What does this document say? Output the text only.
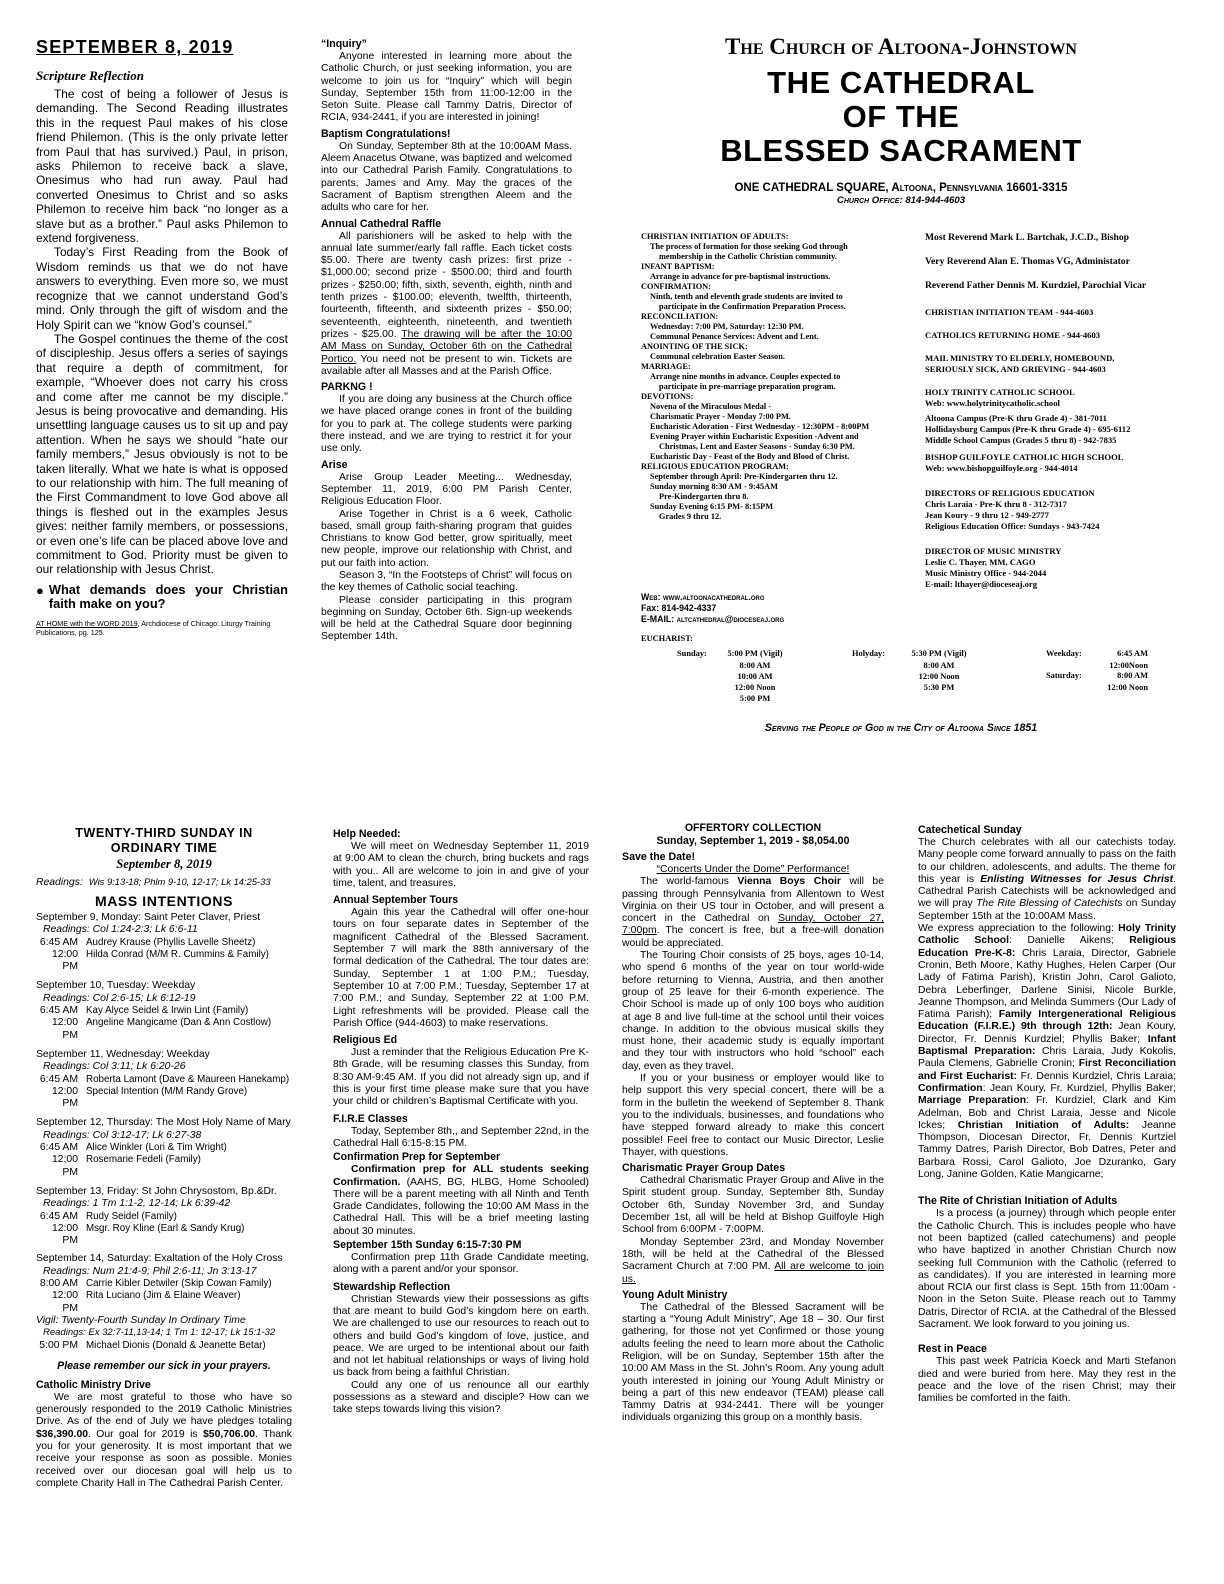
SEPTEMBER 8, 2019
Scripture Reflection

The cost of being a follower of Jesus is demanding. The Second Reading illustrates this in the request Paul makes of his close friend Philemon. (This is the only private letter from Paul that has survived.) Paul, in prison, asks Philemon to receive back a slave, Onesimus who had run away. Paul had converted Onesimus to Christ and so asks Philemon to receive him back “no longer as a slave but as a brother.” Paul asks Philemon to extend forgiveness.

Today’s First Reading from the Book of Wisdom reminds us that we do not have answers to everything. Even more so, we must recognize that we cannot understand God’s mind. Only through the gift of wisdom and the Holy Spirit can we “know God’s counsel.”

The Gospel continues the theme of the cost of discipleship. Jesus offers a series of sayings that require a depth of commitment, for example, “Whoever does not carry his cross and come after me cannot be my disciple.” Jesus is being provocative and demanding. His unsettling language causes us to sit up and pay attention. When he says we should “hate our family members,” Jesus obviously is not to be taken literally. What we hate is what is opposed to our relationship with him. The full meaning of the First Commandment to love God above all things is fleshed out in the examples Jesus gives: neither family members, or possessions, or even one’s life can be placed above love and commitment to God. Priority must be given to our relationship with Jesus Christ.

● What demands does your Christian faith make on you?
AT HOME with the WORD 2019, Archdiocese of Chicago: Liturgy Training Publications, pg. 125.
“Inquiry”

Anyone interested in learning more about the Catholic Church, or just seeking information, you are welcome to join us for “Inquiry” which will begin Sunday, September 15th from 11:00-12:00 in the Seton Suite. Please call Tammy Datris, Director of RCIA, 934-2441, if you are interested in joining!

Baptism Congratulations!

On Sunday, September 8th at the 10:00AM Mass. Aleem Anacetus Otwane, was baptized and welcomed into our Cathedral Parish Family. Congratulations to parents, James and Amy. May the graces of the Sacrament of Baptism strengthen Aleem and the adults who care for her.

Annual Cathedral Raffle

All parishioners will be asked to help with the annual late summer/early fall raffle. Each ticket costs $5.00. There are twenty cash prizes: first prize - $1,000.00; second prize - $500.00; third and fourth prizes - $250.00; fifth, sixth, seventh, eighth, ninth and tenth prizes - $100.00; eleventh, twelfth, thirteenth, fourteenth, fifteenth, and sixteenth prizes - $50.00; seventeenth, eighteenth, nineteenth, and twentieth prizes - $25.00. The drawing will be after the 10:00 AM Mass on Sunday, October 6th on the Cathedral Portico. You need not be present to win. Tickets are available after all Masses and at the Parish Office.

PARKNG !

If you are doing any business at the Church office we have placed orange cones in front of the building for you to park at. The college students were parking there instead, and we are trying to restrict it for your use only.

Arise

Arise Group Leader Meeting... Wednesday, September 11, 2019, 6:00 PM Parish Center, Religious Education Floor.

Arise Together in Christ is a 6 week, Catholic based, small group faith-sharing program that guides Christians to know God better, grow spiritually, meet new people, improve our relationship with Christ, and put our faith into action.

Season 3, “In the Footsteps of Christ” will focus on the key themes of Catholic social teaching.

Please consider participating in this program beginning on Sunday, October 6th. Sign-up weekends will be held at the Cathedral Square door beginning September 14th.

The Church of Altoona-Johnstown
THE CATHEDRAL
OF THE
BLESSED SACRAMENT
ONE CATHEDRAL SQUARE, Altoona, Pennsylvania 16601-3315
Church Office: 814-944-4603
CHRISTIAN INITIATION OF ADULTS:
The process of formation for those seeking God through
membership in the Catholic Christian community.
INFANT BAPTISM:
Arrange in advance for pre-baptismal instructions.
CONFIRMATION:
Ninth, tenth and eleventh grade students are invited to
participate in the Confirmation Preparation Process.
RECONCILIATION:
Wednesday: 7:00 PM, Saturday: 12:30 PM.
Communal Penance Services: Advent and Lent.
ANOINTING OF THE SICK:
Communal celebration Easter Season.
MARRIAGE:
Arrange nine months in advance. Couples expected to
participate in pre-marriage preparation program.
DEVOTIONS:
Novena of the Miraculous Medal -
Charismatic Prayer - Monday 7:00 PM.
Eucharistic Adoration - First Wednesday - 12:30PM - 8:00PM
Evening Prayer within Eucharistic Exposition -Advent and
Christmas, Lent and Easter Seasons - Sunday 6:30 PM.
Eucharistic Day - Feast of the Body and Blood of Christ.
RELIGIOUS EDUCATION PROGRAM:
September through April: Pre-Kindergarten thru 12.
Sunday morning 8:30 AM - 9:45AM
Pre-Kindergarten thru 8.
Sunday Evening 6:15 PM- 8:15PM
Grades 9 thru 12.
Web: www.altoonacathedral.org
Fax: 814-942-4337
E-MAIL: altcathedral@dioceseaj.org
Most Reverend Mark L. Bartchak, J.C.D., Bishop
Very Reverend Alan E. Thomas VG, Administator
Reverend Father Dennis M. Kurdziel, Parochial Vicar
CHRISTIAN INITIATION TEAM - 944-4603
CATHOLICS RETURNING HOME - 944-4603
MAIL MINISTRY TO ELDERLY, HOMEBOUND,
SERIOUSLY SICK, AND GRIEVING - 944-4603
HOLY TRINITY CATHOLIC SCHOOL
Web: www.holytrinitycatholic.school
Altoona Campus (Pre-K thru Grade 4) - 381-7011
Hollidaysburg Campus (Pre-K thru Grade 4) - 695-6112
Middle School Campus (Grades 5 thru 8) - 942-7835
BISHOP GUILFOYLE CATHOLIC HIGH SCHOOL
Web: www.bishopguilfoyle.org - 944-4014
DIRECTORS OF RELIGIOUS EDUCATION
Chris Laraia - Pre-K thru 8 - 312-7317
Jean Koury - 9 thru 12 - 949-2777
Religious Education Office: Sundays - 943-7424
DIRECTOR OF MUSIC MINISTRY
Leslie C. Thayer, MM, CAGO
Music Ministry Office - 944-2044
E-mail: lthayer@dioceseaj.org
EUCHARIST:
Sunday:	5:00 PM (Vigil)
8:00 AM
10:00 AM
12:00 Noon
5:00 PM
Holyday:	5:30 PM (Vigil)
8:00 AM
12:00 Noon
5:30 PM
Weekday:
Saturday:
6:45 AM
12:00Noon
8:00 AM
12:00 Noon
Serving the People of God in the City of Altoona Since 1851
TWENTY-THIRD SUNDAY IN
ORDINARY TIME
September 8, 2019
Readings: Wis 9:13-18; Phlm 9-10, 12-17; Lk 14:25-33
MASS INTENTIONS
September 9, Monday: Saint Peter Claver, Priest
Readings: Col 1:24-2:3; Lk 6:6-11
6:45 AM Audrey Krause (Phyllis Lavelle Sheetz)
12:00 PM
Hilda Conrad (M/M R. Cummins & Family)
September 10, Tuesday: Weekday
Readings: Col 2:6-15; Lk 6:12-19
6:45 AM Kay Alyce Seidel & Irwin Lint (Family)
12:00 PM
Angeline Mangicame (Dan & Ann Costlow)
September 11, Wednesday: Weekday
Readings: Col 3:11; Lk 6:20-26
6:45 AM Roberta Lamont (Dave & Maureen Hanekamp)
12:00 PM
Special Intention (M/M Randy Grove)
September 12, Thursday: The Most Holy Name of Mary
Readings: Col 3:12-17; Lk 6:27-38
6:45 AM Alice Winkler (Lori & Tim Wright)
12;00 PM
Rosemarie Fedeli (Family)
September 13, Friday: St John Chrysostom, Bp.&Dr.
Readings: 1 Tm 1:1-2, 12-14; Lk 6:39-42
6:45 AM Rudy Seidel (Family)
12:00 PM
Msgr. Roy Kline (Earl & Sandy Krug)
September 14, Saturday: Exaltation of the Holy Cross
Readings: Num 21:4-9; Phil 2:6-11; Jn 3:13-17
8:00 AM Carrie Kibler Detwiler (Skip Cowan Family)
12:00 PM
Rita Luciano (Jim & Elaine Weaver)
Vigil: Twenty-Fourth Sunday In Ordinary Time
Readings: Ex 32:7-11,13-14; 1 Tm 1: 12-17; Lk 15:1-32
5:00 PM Michael Dionis (Donald & Jeanette Betar)
Please remember our sick in your prayers.
Catholic Ministry Drive

We are most grateful to those who have so generously responded to the 2019 Catholic Ministries Drive. As of the end of July we have pledges totaling $36,390.00. Our goal for 2019 is $50,706.00. Thank you for your generosity. It is most important that we receive your response as soon as possible. Monies received over our diocesan goal will help us to complete Charity Hall in The Cathedral Parish Center.

Help Needed:

We will meet on Wednesday September 11, 2019 at 9:00 AM to clean the church, bring buckets and rags with you.. All are welcome to join in and give of your time, talent, and treasures.

Annual September Tours

Again this year the Cathedral will offer one-hour tours on four separate dates in September of the magnificent Cathedral of the Blessed Sacrament. September 7 will mark the 88th anniversary of the formal dedication of the Cathedral. The tour dates are: Sunday, September 1 at 1:00 P.M.; Tuesday, September 10 at 7:00 P.M.; Tuesday, September 17 at 7:00 P.M.; and Sunday, September 22 at 1:00 P.M. Light refreshments will be provided. Please call the Parish Office (944-4603) to make reservations.

Religious Ed

Just a reminder that the Religious Education Pre K-8th Grade, will be resuming classes this Sunday, from 8:30 AM-9:45 AM. If you did not already sign up, and if this is your first time please make sure that you have your child or children’s Baptismal Certificate with you.

F.I.R.E Classes

Today, September 8th,, and September 22nd, in the Cathedral Hall 6:15-8:15 PM.

Confirmation Prep for September

Confirmation prep for ALL students seeking Confirmation. (AAHS, BG, HLBG, Home Schooled) There will be a parent meeting with all Ninth and Tenth Grade Candidates, following the 10:00 AM Mass in the Cathedral Hall. This will be a brief meeting lasting about 30 minutes.

September 15th Sunday 6:15-7:30 PM

Confirmation prep 11th Grade Candidate meeting, along with a parent and/or your sponsor.

Stewardship Reflection

Christian Stewards view their possessions as gifts that are meant to build God’s kingdom here on earth. We are challenged to use our resources to reach out to others and build God’s kingdom of love, justice, and peace. We are urged to be intentional about our faith and not let habitual relationships or ways of living hold us back from being a faithful Christian.

Could any one of us renounce all our earthly possessions as a steward and disciple? How can we take steps towards living this vision?

OFFERTORY COLLECTION
Sunday, September 1, 2019 - $8,054.00
Save the Date!
“Concerts Under the Dome” Performance!

The world-famous Vienna Boys Choir will be passing through Pennsylvania from Allentown to West Virginia on their US tour in October, and will present a concert in the Cathedral on Sunday, October 27, 7:00pm. The concert is free, but a free-will donation would be appreciated.

The Touring Choir consists of 25 boys, ages 10-14, who spend 6 months of the year on tour world-wide before returning to Vienna, Austria, and then another group of 25 leave for their 6-month experience. The Choir School is made up of only 100 boys who audition at age 8 and live full-time at the school until their voices change. In addition to the obvious musical skills they must hone, their academic study is equally important and they tour with instructors who hold “school” each day, even as they travel.

If you or your business or employer would like to help support this very special concert, there will be a form in the bulletin the weekend of September 8. Thank you to the individuals, businesses, and foundations who have stepped forward already to make this concert possible! Feel free to contact our Music Director, Leslie Thayer, with questions.

Charismatic Prayer Group Dates

Cathedral Charismatic Prayer Group and Alive in the Spirit student group. Sunday, September 8th, Sunday October 6th, Sunday November 3rd, and Sunday December 1st, all will be held at Bishop Guilfoyle High School from 6:00PM - 7:00PM.

Monday September 23rd, and Monday November 18th, will be held at the Cathedral of the Blessed Sacrament Church at 7:00 PM. All are welcome to join us.

Young Adult Ministry

The Cathedral of the Blessed Sacrament will be starting a “Young Adult Ministry”, Age 18 – 30. Our first gathering, for those not yet Confirmed or those young adults feeling the need to learn more about the Catholic Religion, will be on Sunday, September 15th after the 10:00 AM Mass in the St. John’s Room. Any young adult youth interested in joining our Young Adult Ministry or being a part of this new endeavor (TEAM) please call Tammy Datris at 934-2441. There will be younger individuals organizing this group on a monthly basis.

Catechetical Sunday

The Church celebrates with all our catechists today. Many people come forward annually to pass on the faith to our children, adolescents, and adults. The theme for this year is Enlisting Witnesses for Jesus Christ. Cathedral Parish Catechists will be acknowledged and we will pray The Rite Blessing of Catechists on Sunday September 15th at the 10:00AM Mass.

We express appreciation to the following: Holy Trinity Catholic School: Danielle Aikens; Religious Education Pre-K-8: Chris Laraia, Director, Gabriele Cronin, Beth Moore, Kathy Hughes, Helen Carper (Our Lady of Fatima Parish), Kristin John, Carol Galioto, Debra Leberfinger, Darlene Sinisi, Nicole Burkle, Jeanne Thompson, and Melinda Summers (Our Lady of Fatima Parish); Family Intergenerational Religious Education (F.I.R.E.) 9th through 12th: Jean Koury, Director, Fr. Dennis Kurdziel; Phyllis Baker; Infant Baptismal Preparation: Chris Laraia, Judy Kokolis, Paula Clemens, Gabrielle Cronin; First Reconciliation and First Eucharist: Fr. Dennis Kurdziel, Chris Laraia; Confirmation: Jean Koury, Fr. Kurdziel, Phyllis Baker; Marriage Preparation: Fr. Kurdziel, Clark and Kim Adelman, Bob and Christ Laraia, Jesse and Nicole Ickes; Christian Initiation of Adults: Jeanne Thompson, Diocesan Director, Fr. Dennis Kurtziel Tammy Datres, Parish Director, Bob Datres, Peter and Barbara Rossi, Carol Galioto, Joe Dzuranko, Gary Long, Janine Golden, Katie Mangicarne;

The Rite of Christian Initiation of Adults

Is a process (a journey) through which people enter the Catholic Church. This is includes people who have not been baptized (called catechumens) and people who have baptized in another Christian Church now seeking full Communion with the Catholic (referred to as candidates). If you are interested in learning more about RCIA our first class is Sept. 15th from 11:00am - Noon in the Seton Suite. Please reach out to Tammy Datris, Director of RCIA. at the Cathedral of the Blessed Sacrament. We look forward to you joining us.

Rest in Peace

This past week Patricia Koeck and Marti Stefanon died and were buried from here. May they rest in the peace and the love of the risen Christ; may their families be comforted in the faith.
